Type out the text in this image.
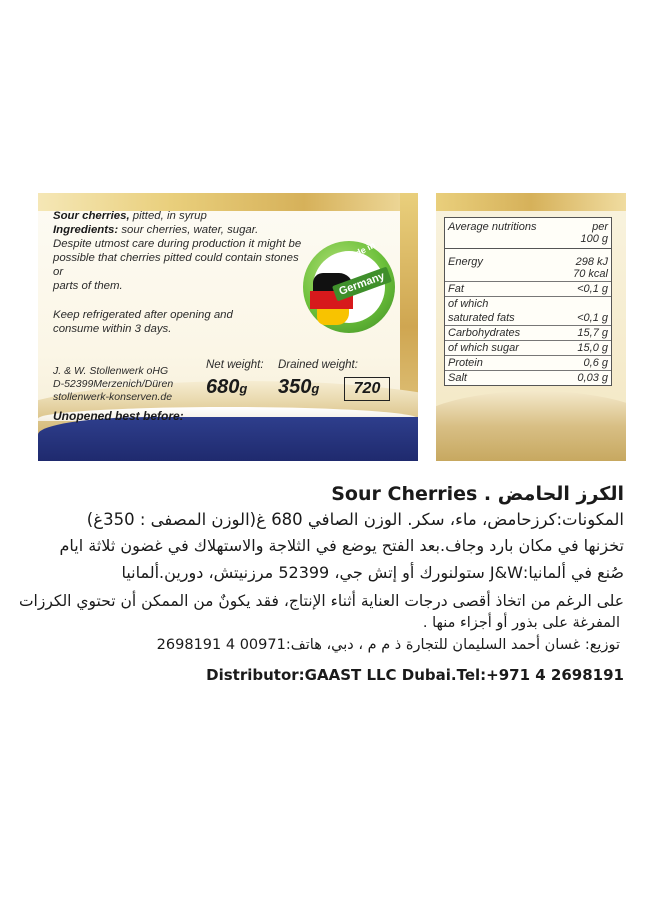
Sour cherries, pitted, in syrup

Ingredients: sour cherries, water, sugar.

Despite utmost care during production it might be

possible that cherries pitted could contain stones or

parts of them.

Keep refrigerated after opening and

consume within 3 days.

Made in
Germany
* * *
J. & W. Stollenwerk oHG
D-52399Merzenich/Düren
stollenwerk-konserven.de
Net weight:
680g
Drained weight:
350g	720
Unopened best before:
Average nutritions	per
100 g
Energy	298 kJ
70 kcal
Fat	<0,1 g
of which
saturated fats	<0,1 g
Carbohydrates	15,7 g
of which sugar	15,0 g
Protein	0,6 g
Salt	0,03 g
الكرز الحامض . Sour Cherries
المكونات:كرزحامض، ماء، سكر. الوزن الصافي 680 غ(الوزن المصفى : 350غ)
تخزنها في مكان بارد وجاف.بعد الفتح يوضع في الثلاجة والاستهلاك في غضون ثلاثة ايام
صُنع في ألمانيا:J&W ستولنورك أو إتش جي، 52399 مرزنيتش، دورين.ألمانيا
على الرغم من اتخاذ أقصى درجات العناية أثناء الإنتاج، فقد يكونٌ من الممكن أن تحتوي الكرزات
المفرغة على بذور أو أجزاء منها .
توزيع: غسان أحمد السليمان للتجارة ذ م م ، دبي، هاتف:00971 4 2698191
Distributor:GAAST LLC Dubai.Tel:+971 4 2698191
